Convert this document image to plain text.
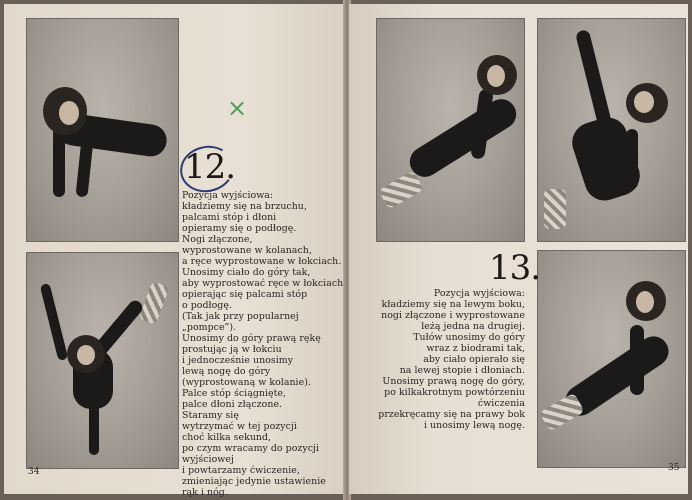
×
12.
Pozycja wyjściowa:
kładziemy się na brzuchu,
palcami stóp i dłoni
opieramy się o podłogę.
Nogi złączone,
wyprostowane w kolanach,
a ręce wyprostowane w łokciach.
Unosimy ciało do góry tak,
aby wyprostować ręce w łokciach
opierając się palcami stóp
o podłogę.
(Tak jak przy popularnej
„pompce”).
Unosimy do góry prawą rękę
prostując ją w łokciu
i jednocześnie unosimy
lewą nogę do góry
(wyprostowaną w kolanie).
Palce stóp ściągnięte,
palce dłoni złączone.
Staramy się
wytrzymać w tej pozycji
choć kilka sekund,
po czym wracamy do pozycji
wyjściowej
i powtarzamy ćwiczenie,
zmieniając jedynie ustawienie
rąk i nóg.
34
13.
Pozycja wyjściowa:
kładziemy się na lewym boku,
nogi złączone i wyprostowane
leżą jedna na drugiej.
Tułów unosimy do góry
wraz z biodrami tak,
aby ciało opierało się
na lewej stopie i dłoniach.
Unosimy prawą nogę do góry,
po kilkakrotnym powtórzeniu
ćwiczenia
przekręcamy się na prawy bok
i unosimy lewą nogę.
35
